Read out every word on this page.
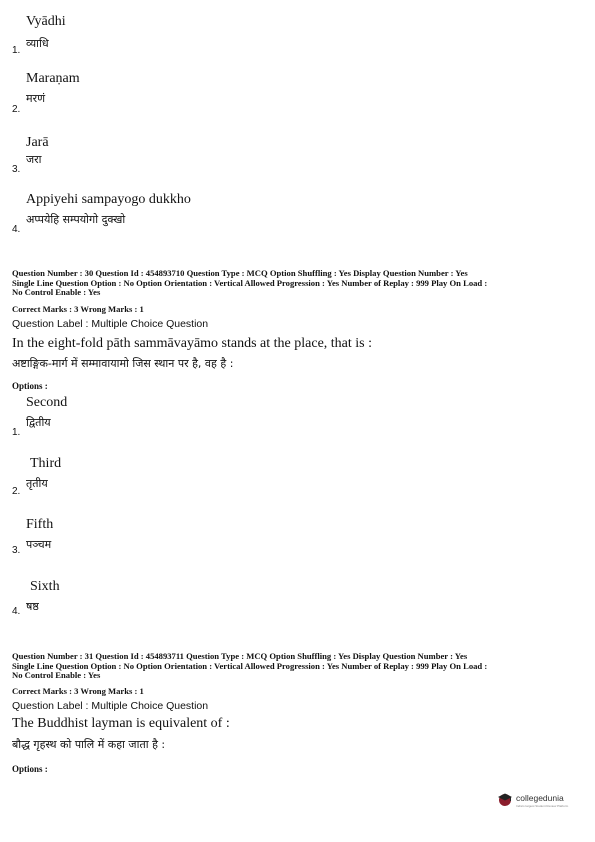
Vyādhi
व्याधि
1.
Maraṇam
मरणं
2.
Jarā
जरा
3.
Appiyehi sampayogo dukkho
अप्पयेहि सम्पयोगो दुक्खो
4.
Question Number : 30 Question Id : 454893710 Question Type : MCQ Option Shuffling : Yes Display Question Number : Yes
Single Line Question Option : No Option Orientation : Vertical Allowed Progression : Yes Number of Replay : 999 Play On Load :
No Control Enable : Yes
Correct Marks : 3 Wrong Marks : 1
Question Label : Multiple Choice Question
In the eight-fold pāth sammāvayāmo stands at the place, that is :
अष्टाङ्गिक-मार्ग में सम्मावायामो जिस स्थान पर है, वह है :
Options :
Second
द्वितीय
1.
Third
तृतीय
2.
Fifth
पञ्चम
3.
Sixth
षष्ठ
4.
Question Number : 31 Question Id : 454893711 Question Type : MCQ Option Shuffling : Yes Display Question Number : Yes
Single Line Question Option : No Option Orientation : Vertical Allowed Progression : Yes Number of Replay : 999 Play On Load :
No Control Enable : Yes
Correct Marks : 3 Wrong Marks : 1
Question Label : Multiple Choice Question
The Buddhist layman is equivalent of :
बौद्ध गृहस्थ को पालि में कहा जाता है :
Options :
collegedunia
India's largest Student Review Platform
